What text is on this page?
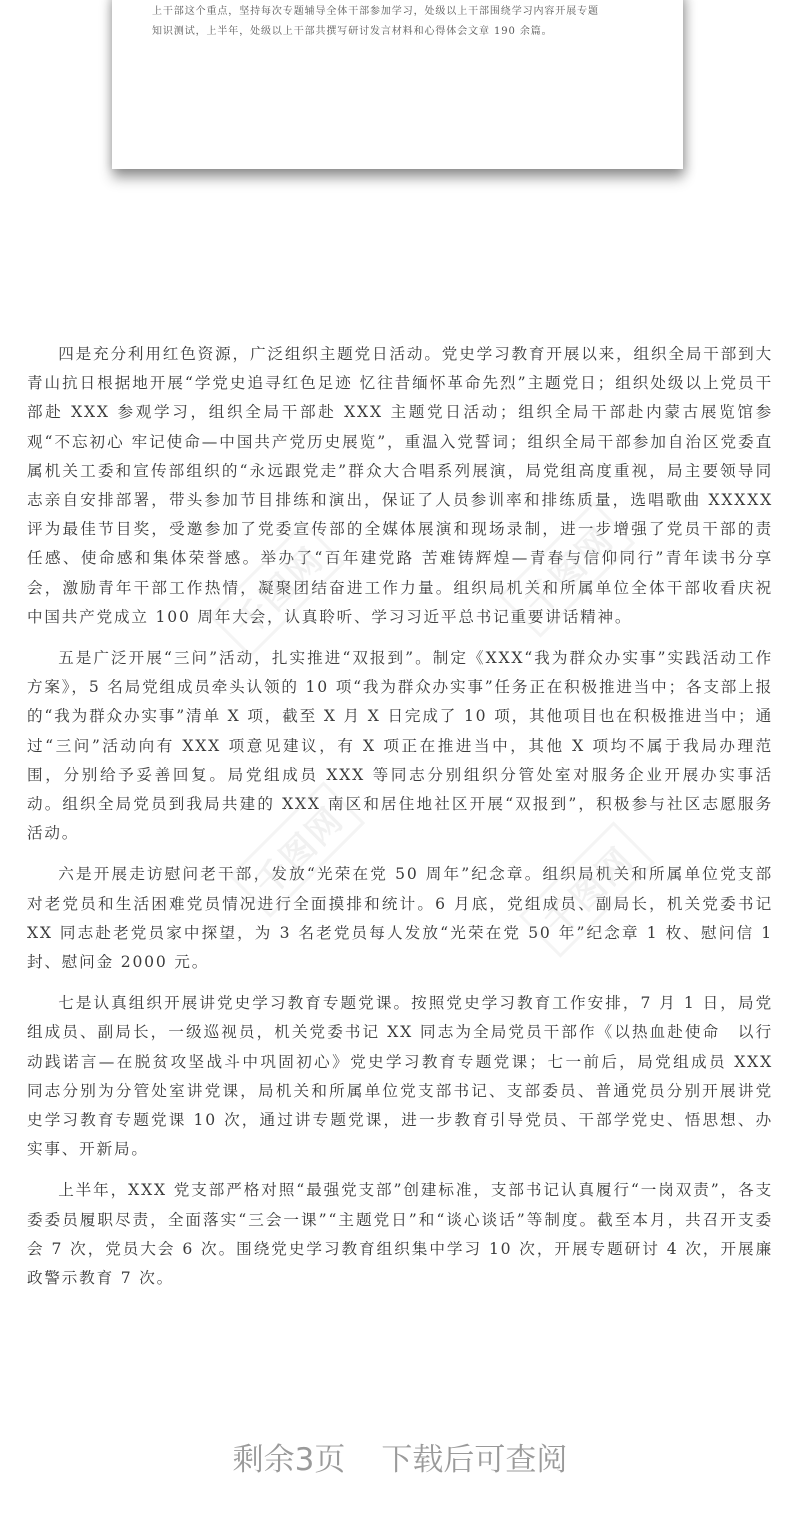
上干部这个重点，坚持每次专题辅导全体干部参加学习，处级以上干部围绕学习内容开展专题

知识测试，上半年，处级以上干部共撰写研讨发言材料和心得体会文章 190 余篇。

四是充分利用红色资源，广泛组织主题党日活动。党史学习教育开展以来，组织全局干部到大青山抗日根据地开展“学党史追寻红色足迹 忆往昔缅怀革命先烈”主题党日；组织处级以上党员干部赴 XXX 参观学习，组织全局干部赴 XXX 主题党日活动；组织全局干部赴内蒙古展览馆参观“不忘初心 牢记使命—中国共产党历史展览”，重温入党誓词；组织全局干部参加自治区党委直属机关工委和宣传部组织的“永远跟党走”群众大合唱系列展演，局党组高度重视，局主要领导同志亲自安排部署，带头参加节目排练和演出，保证了人员参训率和排练质量，选唱歌曲 XXXXX 评为最佳节目奖，受邀参加了党委宣传部的全媒体展演和现场录制，进一步增强了党员干部的责任感、使命感和集体荣誉感。举办了“百年建党路 苦难铸辉煌—青春与信仰同行”青年读书分享会，激励青年干部工作热情，凝聚团结奋进工作力量。组织局机关和所属单位全体干部收看庆祝中国共产党成立 100 周年大会，认真聆听、学习习近平总书记重要讲话精神。

五是广泛开展“三问”活动，扎实推进“双报到”。制定《XXX“我为群众办实事”实践活动工作方案》，5 名局党组成员牵头认领的 10 项“我为群众办实事”任务正在积极推进当中；各支部上报的“我为群众办实事”清单 X 项，截至 X 月 X 日完成了 10 项，其他项目也在积极推进当中；通过“三问”活动向有 XXX 项意见建议，有 X 项正在推进当中，其他 X 项均不属于我局办理范围，分别给予妥善回复。局党组成员 XXX 等同志分别组织分管处室对服务企业开展办实事活动。组织全局党员到我局共建的 XXX 南区和居住地社区开展“双报到”，积极参与社区志愿服务活动。

六是开展走访慰问老干部，发放“光荣在党 50 周年”纪念章。组织局机关和所属单位党支部对老党员和生活困难党员情况进行全面摸排和统计。6 月底，党组成员、副局长，机关党委书记 XX 同志赴老党员家中探望，为 3 名老党员每人发放“光荣在党 50 年”纪念章 1 枚、慰问信 1 封、慰问金 2000 元。

七是认真组织开展讲党史学习教育专题党课。按照党史学习教育工作安排，7 月 1 日，局党组成员、副局长，一级巡视员，机关党委书记 XX 同志为全局党员干部作《以热血赴使命　以行动践诺言—在脱贫攻坚战斗中巩固初心》党史学习教育专题党课；七一前后，局党组成员 XXX 同志分别为分管处室讲党课，局机关和所属单位党支部书记、支部委员、普通党员分别开展讲党史学习教育专题党课 10 次，通过讲专题党课，进一步教育引导党员、干部学党史、悟思想、办实事、开新局。

上半年，XXX 党支部严格对照“最强党支部”创建标准，支部书记认真履行“一岗双责”，各支委委员履职尽责，全面落实“三会一课”“主题党日”和“谈心谈话”等制度。截至本月，共召开支委会 7 次，党员大会 6 次。围绕党史学习教育组织集中学习 10 次，开展专题研讨 4 次，开展廉政警示教育 7 次。

千图网	千图网
千图网	千图网
剩余3页 下载后可查阅
